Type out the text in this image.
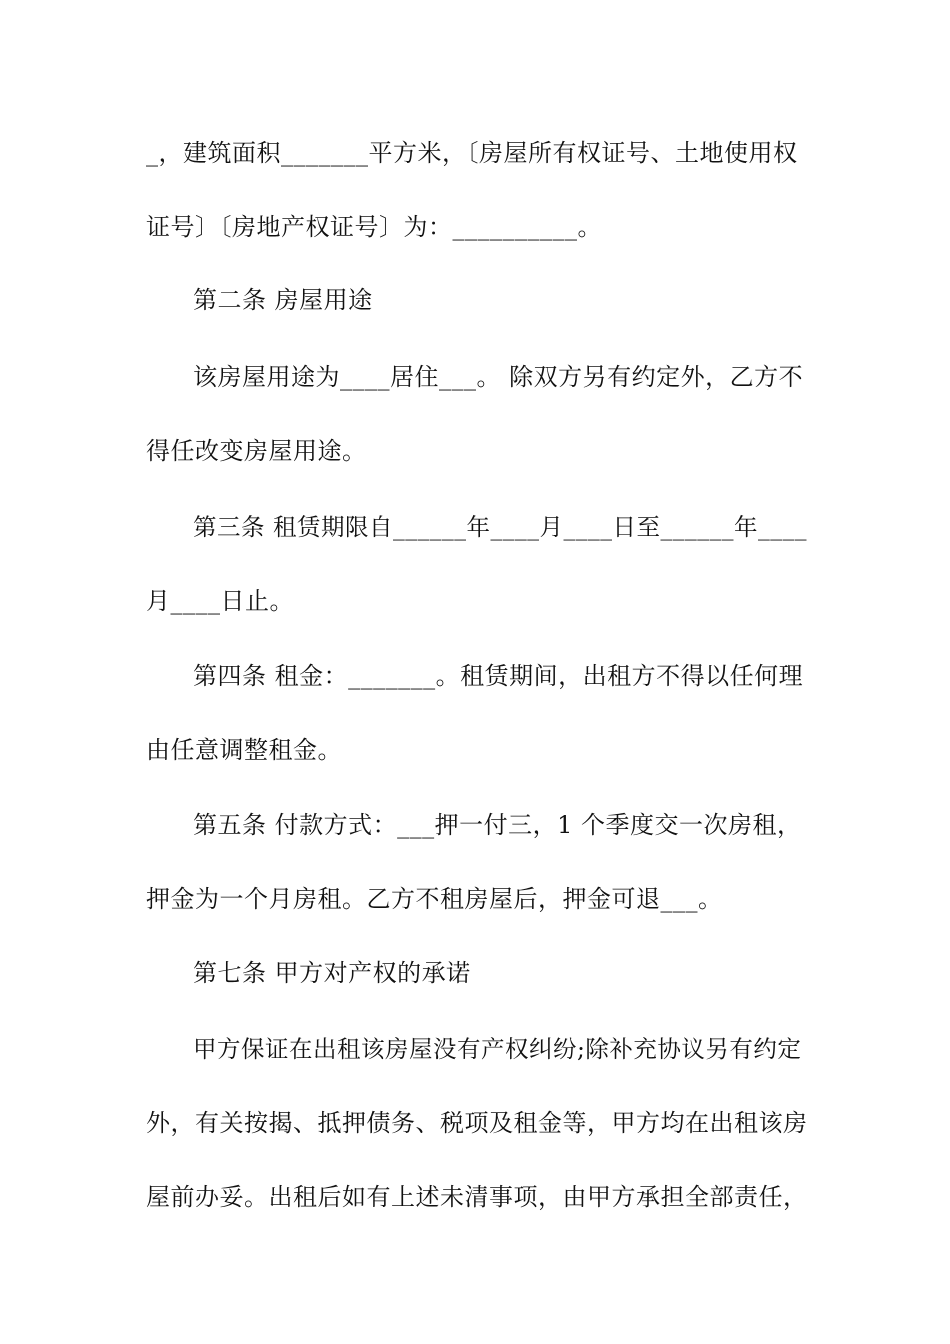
_，建筑面积_______平方米，〔房屋所有权证号、土地使用权
证号〕〔房地产权证号〕为：__________。
第二条 房屋用途
该房屋用途为____居住___。 除双方另有约定外，乙方不
得任改变房屋用途。
第三条 租赁期限自______年____月____日至______年____
月____日止。
第四条 租金：_______。租赁期间，出租方不得以任何理
由任意调整租金。
第五条 付款方式：___押一付三，1 个季度交一次房租，
押金为一个月房租。乙方不租房屋后，押金可退___。
第七条 甲方对产权的承诺
甲方保证在出租该房屋没有产权纠纷;除补充协议另有约定
外，有关按揭、抵押债务、税项及租金等，甲方均在出租该房
屋前办妥。出租后如有上述未清事项，由甲方承担全部责任，
